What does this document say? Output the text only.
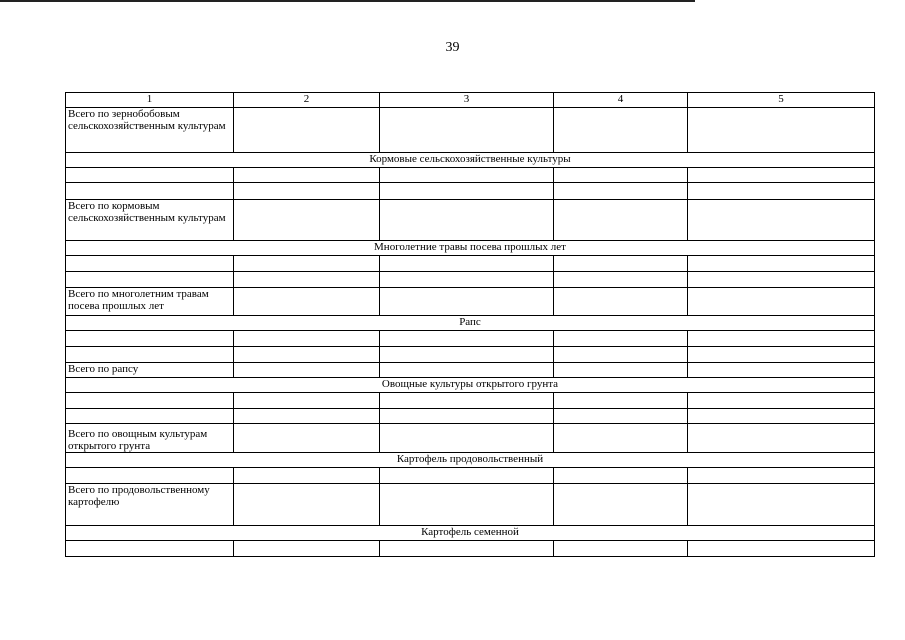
39
1	2	3	4	5
Всего по зернобобовым сельскохозяйственным культурам				
Кормовые сельскохозяйственные культуры				

Всего по кормовым сельскохозяйственным культурам				
Многолетние травы посева прошлых лет				

Всего по многолетним травам посева прошлых лет				
Рапс				

Всего по рапсу				
Овощные культуры открытого грунта				

Всего по овощным культурам открытого грунта				
Картофель продовольственный				

Всего по продовольственному картофелю				
Картофель семенной				
